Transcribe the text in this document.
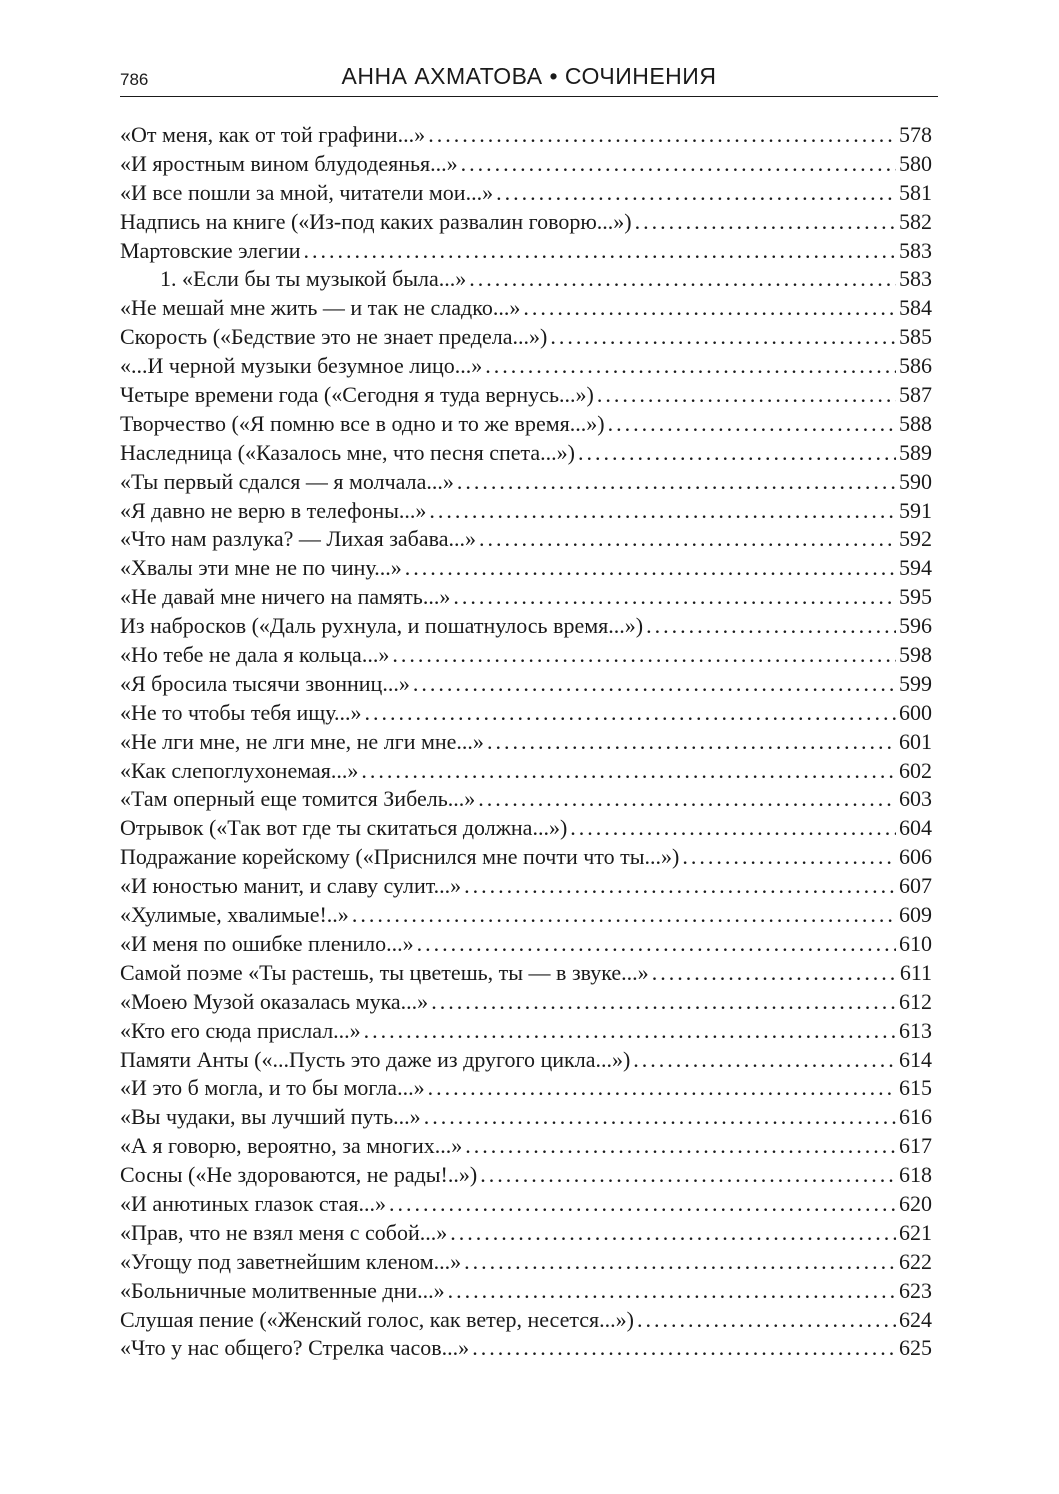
786	АННА АХМАТОВА • СОЧИНЕНИЯ
«От меня, как от той графини...» .....	578
«И яростным вином блудодеянья...» .....	580
«И все пошли за мной, читатели мои...» .....	581
Надпись на книге («Из-под каких развалин говорю...») .....	582
Мартовские элегии .....	583
1. «Если бы ты музыкой была...» .....	583
«Не мешай мне жить — и так не сладко...» .....	584
Скорость («Бедствие это не знает предела...») .....	585
«...И черной музыки безумное лицо...» .....	586
Четыре времени года («Сегодня я туда вернусь...») .....	587
Творчество («Я помню все в одно и то же время...») .....	588
Наследница («Казалось мне, что песня спета...») .....	589
«Ты первый сдался — я молчала...» .....	590
«Я давно не верю в телефоны...» .....	591
«Что нам разлука? — Лихая забава...» .....	592
«Хвалы эти мне не по чину...» .....	594
«Не давай мне ничего на память...» .....	595
Из набросков («Даль рухнула, и пошатнулось время...») .....	596
«Но тебе не дала я кольца...» .....	598
«Я бросила тысячи звонниц...» .....	599
«Не то чтобы тебя ищу...» .....	600
«Не лги мне, не лги мне, не лги мне...» .....	601
«Как слепоглухонемая...» .....	602
«Там оперный еще томится Зибель...» .....	603
Отрывок («Так вот где ты скитаться должна...») .....	604
Подражание корейскому («Приснился мне почти что ты...») .....	606
«И юностью манит, и славу сулит...» .....	607
«Хулимые, хвалимые!..» .....	609
«И меня по ошибке пленило...» .....	610
Самой поэме «Ты растешь, ты цветешь, ты — в звуке...» .....	611
«Моею Музой оказалась мука...» .....	612
«Кто его сюда прислал...» .....	613
Памяти Анты («...Пусть это даже из другого цикла...») .....	614
«И это б могла, и то бы могла...» .....	615
«Вы чудаки, вы лучший путь...» .....	616
«А я говорю, вероятно, за многих...» .....	617
Сосны («Не здороваются, не рады!..») .....	618
«И анютиных глазок стая...» .....	620
«Прав, что не взял меня с собой...» .....	621
«Угощу под заветнейшим кленом...» .....	622
«Больничные молитвенные дни...» .....	623
Слушая пение («Женский голос, как ветер, несется...») .....	624
«Что у нас общего? Стрелка часов...» .....	625
